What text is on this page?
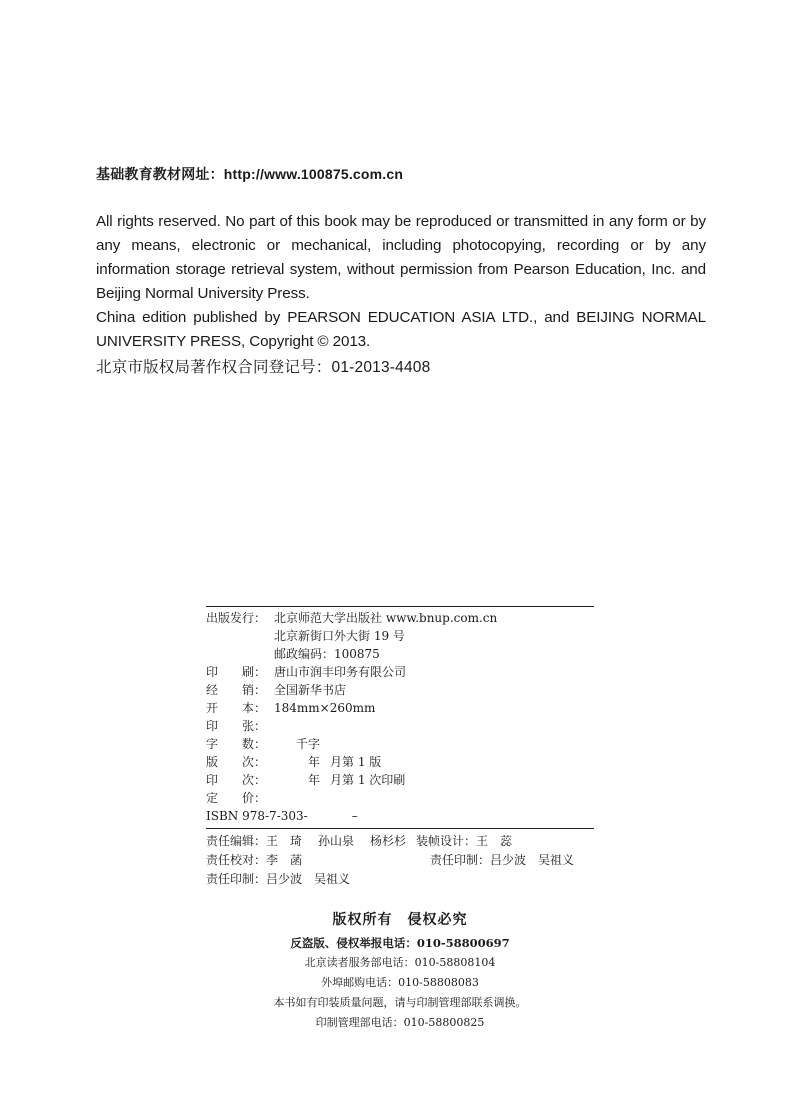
基础教育教材网址：http://www.100875.com.cn

All rights reserved. No part of this book may be reproduced or transmitted in any form or by any means, electronic or mechanical, including photocopying, recording or by any information storage retrieval system, without permission from Pearson Education, Inc. and Beijing Normal University Press.

China edition published by PEARSON EDUCATION ASIA LTD., and BEIJING NORMAL UNIVERSITY PRESS, Copyright © 2013.

北京市版权局著作权合同登记号：01-2013-4408
出版发行： 北京师范大学出版社 www.bnup.com.cn
北京新街口外大街 19 号
邮政编码：100875
印　　刷： 唐山市润丰印务有限公司
经　　销： 全国新华书店
开　　本： 184mm×260mm
印　　张：
字　　数： 千字
版　　次：	年 月第 1 版
印　　次：	年 月第 1 次印刷
定　　价：
ISBN 978-7-303-	–
责任编辑：王　琦 孙山泉 杨杉杉 装帧设计：王　蕊
责任校对：李　菡	责任印制：吕少波　吴祖义
责任印制：吕少波　吴祖义
版权所有　侵权必究
反盗版、侵权举报电话：010-58800697
北京读者服务部电话：010-58808104
外埠邮购电话：010-58808083
本书如有印装质量问题，请与印制管理部联系调换。
印制管理部电话：010-58800825
